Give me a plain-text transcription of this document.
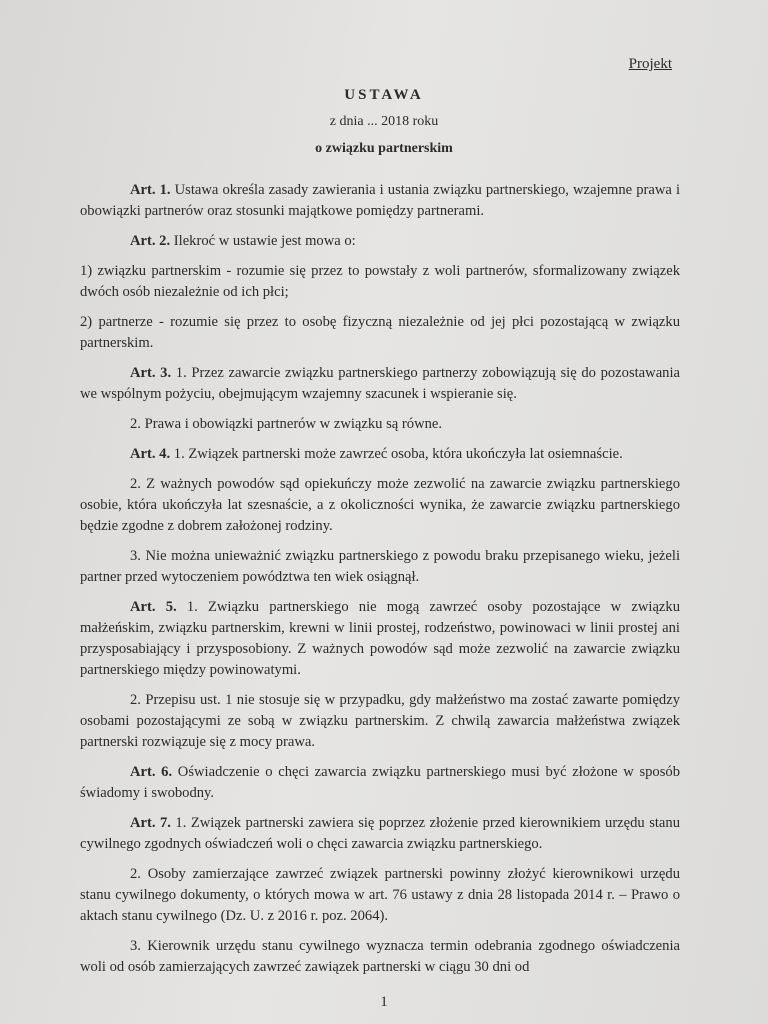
Projekt
USTAWA
z dnia ... 2018 roku
o związku partnerskim

Art. 1. Ustawa określa zasady zawierania i ustania związku partnerskiego, wzajemne prawa i obowiązki partnerów oraz stosunki majątkowe pomiędzy partnerami.

Art. 2. Ilekroć w ustawie jest mowa o:

1) związku partnerskim - rozumie się przez to powstały z woli partnerów, sformalizowany związek dwóch osób niezależnie od ich płci;

2) partnerze - rozumie się przez to osobę fizyczną niezależnie od jej płci pozostającą w związku partnerskim.

Art. 3. 1. Przez zawarcie związku partnerskiego partnerzy zobowiązują się do pozostawania we wspólnym pożyciu, obejmującym wzajemny szacunek i wspieranie się.

2. Prawa i obowiązki partnerów w związku są równe.

Art. 4. 1. Związek partnerski może zawrzeć osoba, która ukończyła lat osiemnaście.

2. Z ważnych powodów sąd opiekuńczy może zezwolić na zawarcie związku partnerskiego osobie, która ukończyła lat szesnaście, a z okoliczności wynika, że zawarcie związku partnerskiego będzie zgodne z dobrem założonej rodziny.

3. Nie można unieważnić związku partnerskiego z powodu braku przepisanego wieku, jeżeli partner przed wytoczeniem powództwa ten wiek osiągnął.

Art. 5. 1. Związku partnerskiego nie mogą zawrzeć osoby pozostające w związku małżeńskim, związku partnerskim, krewni w linii prostej, rodzeństwo, powinowaci w linii prostej ani przysposabiający i przysposobiony. Z ważnych powodów sąd może zezwolić na zawarcie związku partnerskiego między powinowatymi.

2. Przepisu ust. 1 nie stosuje się w przypadku, gdy małżeństwo ma zostać zawarte pomiędzy osobami pozostającymi ze sobą w związku partnerskim. Z chwilą zawarcia małżeństwa związek partnerski rozwiązuje się z mocy prawa.

Art. 6. Oświadczenie o chęci zawarcia związku partnerskiego musi być złożone w sposób świadomy i swobodny.

Art. 7. 1. Związek partnerski zawiera się poprzez złożenie przed kierownikiem urzędu stanu cywilnego zgodnych oświadczeń woli o chęci zawarcia związku partnerskiego.

2. Osoby zamierzające zawrzeć związek partnerski powinny złożyć kierownikowi urzędu stanu cywilnego dokumenty, o których mowa w art. 76 ustawy z dnia 28 listopada 2014 r. – Prawo o aktach stanu cywilnego (Dz. U. z 2016 r. poz. 2064).

3. Kierownik urzędu stanu cywilnego wyznacza termin odebrania zgodnego oświadczenia woli od osób zamierzających zawrzeć zawiązek partnerski w ciągu 30 dni od

1
